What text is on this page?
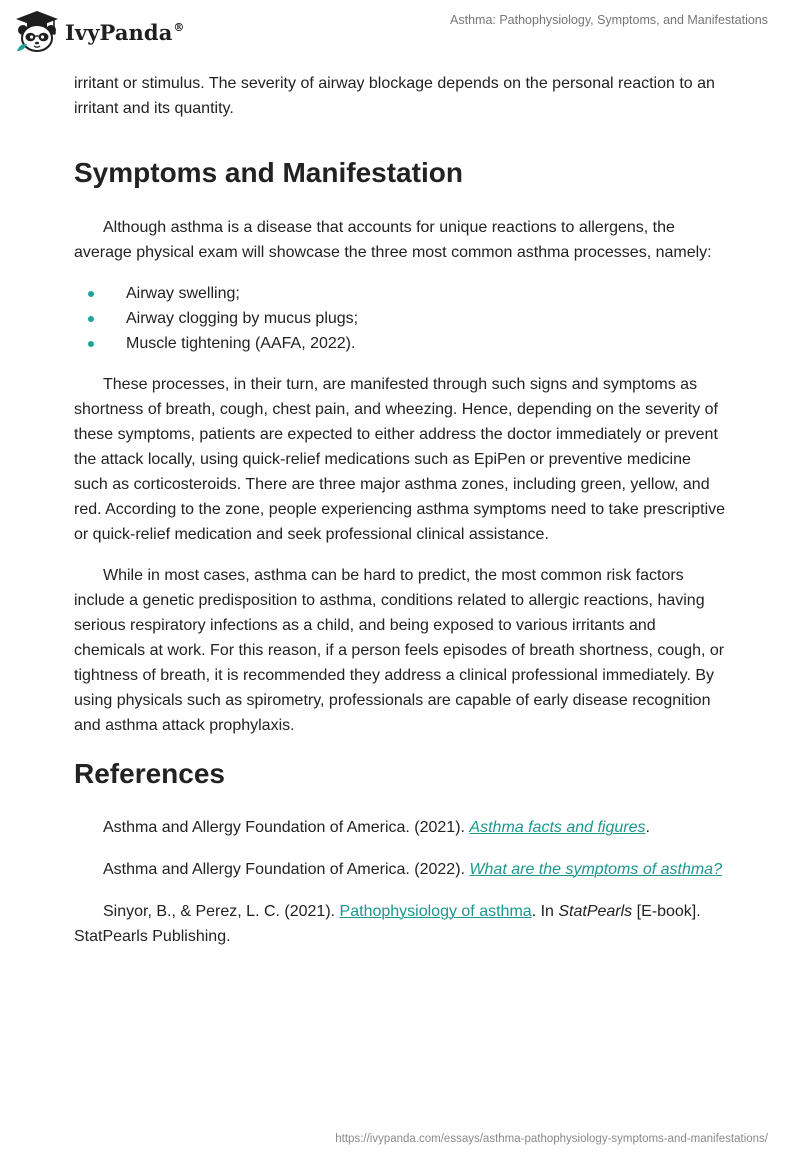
IvyPanda®	Asthma: Pathophysiology, Symptoms, and Manifestations

irritant or stimulus. The severity of airway blockage depends on the personal reaction to an irritant and its quantity.

Symptoms and Manifestation

Although asthma is a disease that accounts for unique reactions to allergens, the average physical exam will showcase the three most common asthma processes, namely:

Airway swelling;
Airway clogging by mucus plugs;
Muscle tightening (AAFA, 2022).

These processes, in their turn, are manifested through such signs and symptoms as shortness of breath, cough, chest pain, and wheezing. Hence, depending on the severity of these symptoms, patients are expected to either address the doctor immediately or prevent the attack locally, using quick-relief medications such as EpiPen or preventive medicine such as corticosteroids. There are three major asthma zones, including green, yellow, and red. According to the zone, people experiencing asthma symptoms need to take prescriptive or quick-relief medication and seek professional clinical assistance.

While in most cases, asthma can be hard to predict, the most common risk factors include a genetic predisposition to asthma, conditions related to allergic reactions, having serious respiratory infections as a child, and being exposed to various irritants and chemicals at work. For this reason, if a person feels episodes of breath shortness, cough, or tightness of breath, it is recommended they address a clinical professional immediately. By using physicals such as spirometry, professionals are capable of early disease recognition and asthma attack prophylaxis.

References

Asthma and Allergy Foundation of America. (2021). Asthma facts and figures.

Asthma and Allergy Foundation of America. (2022). What are the symptoms of asthma?

Sinyor, B., & Perez, L. C. (2021). Pathophysiology of asthma. In StatPearls [E-book]. StatPearls Publishing.

https://ivypanda.com/essays/asthma-pathophysiology-symptoms-and-manifestations/
